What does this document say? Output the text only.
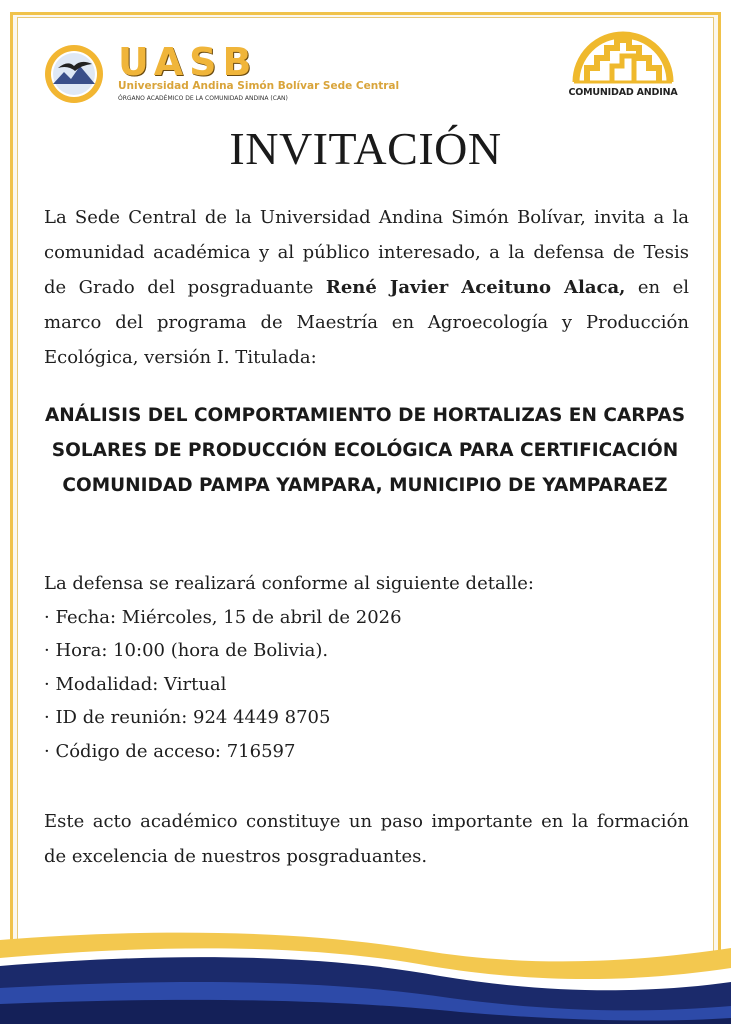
UASB
Universidad Andina Simón Bolívar Sede Central
ÓRGANO ACADÉMICO DE LA COMUNIDAD ANDINA (CAN)
COMUNIDAD ANDINA
INVITACIÓN
La Sede Central de la Universidad Andina Simón Bolívar, invita a la comunidad académica y al público interesado, a la defensa de Tesis de Grado del posgraduante René Javier Aceituno Alaca, en el marco del programa de Maestría en Agroecología y Producción Ecológica, versión I. Titulada:
ANÁLISIS DEL COMPORTAMIENTO DE HORTALIZAS EN CARPAS SOLARES DE PRODUCCIÓN ECOLÓGICA PARA CERTIFICACIÓN COMUNIDAD PAMPA YAMPARA, MUNICIPIO DE YAMPARAEZ
La defensa se realizará conforme al siguiente detalle:
· Fecha: Miércoles, 15 de abril de 2026
· Hora: 10:00 (hora de Bolivia).
· Modalidad: Virtual
· ID de reunión: 924 4449 8705
· Código de acceso: 716597
Este acto académico constituye un paso importante en la formación de excelencia de nuestros posgraduantes.
